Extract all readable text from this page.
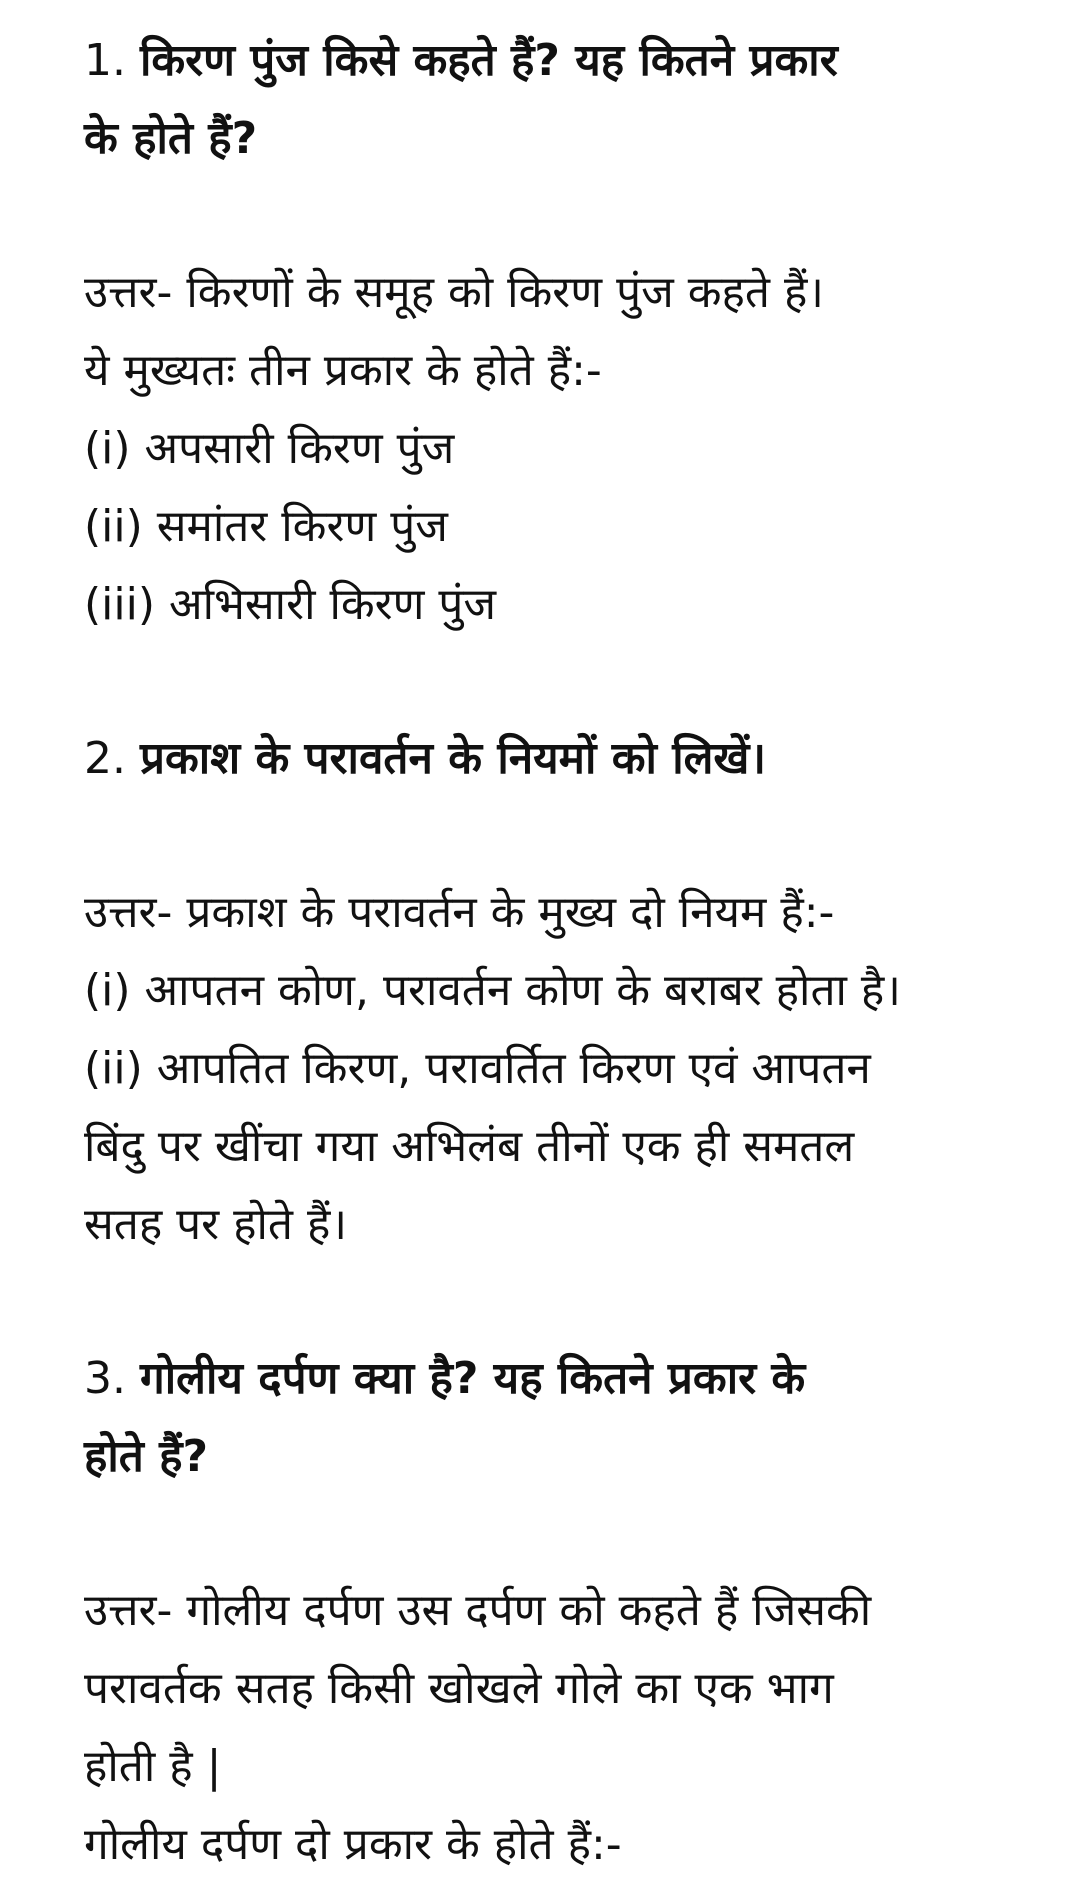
1. किरण पुंज किसे कहते हैं? यह कितने प्रकार
के होते हैं?
उत्तर- किरणों के समूह को किरण पुंज कहते हैं।
ये मुख्यतः तीन प्रकार के होते हैं:-
(i) अपसारी किरण पुंज
(ii) समांतर किरण पुंज
(iii) अभिसारी किरण पुंज
2. प्रकाश के परावर्तन के नियमों को लिखें।
उत्तर- प्रकाश के परावर्तन के मुख्य दो नियम हैं:-
(i) आपतन कोण, परावर्तन कोण के बराबर होता है।
(ii) आपतित किरण, परावर्तित किरण एवं आपतन
बिंदु पर खींचा गया अभिलंब तीनों एक ही समतल
सतह पर होते हैं।
3. गोलीय दर्पण क्या है? यह कितने प्रकार के
होते हैं?
उत्तर- गोलीय दर्पण उस दर्पण को कहते हैं जिसकी
परावर्तक सतह किसी खोखले गोले का एक भाग
होती है |
गोलीय दर्पण दो प्रकार के होते हैं:-
